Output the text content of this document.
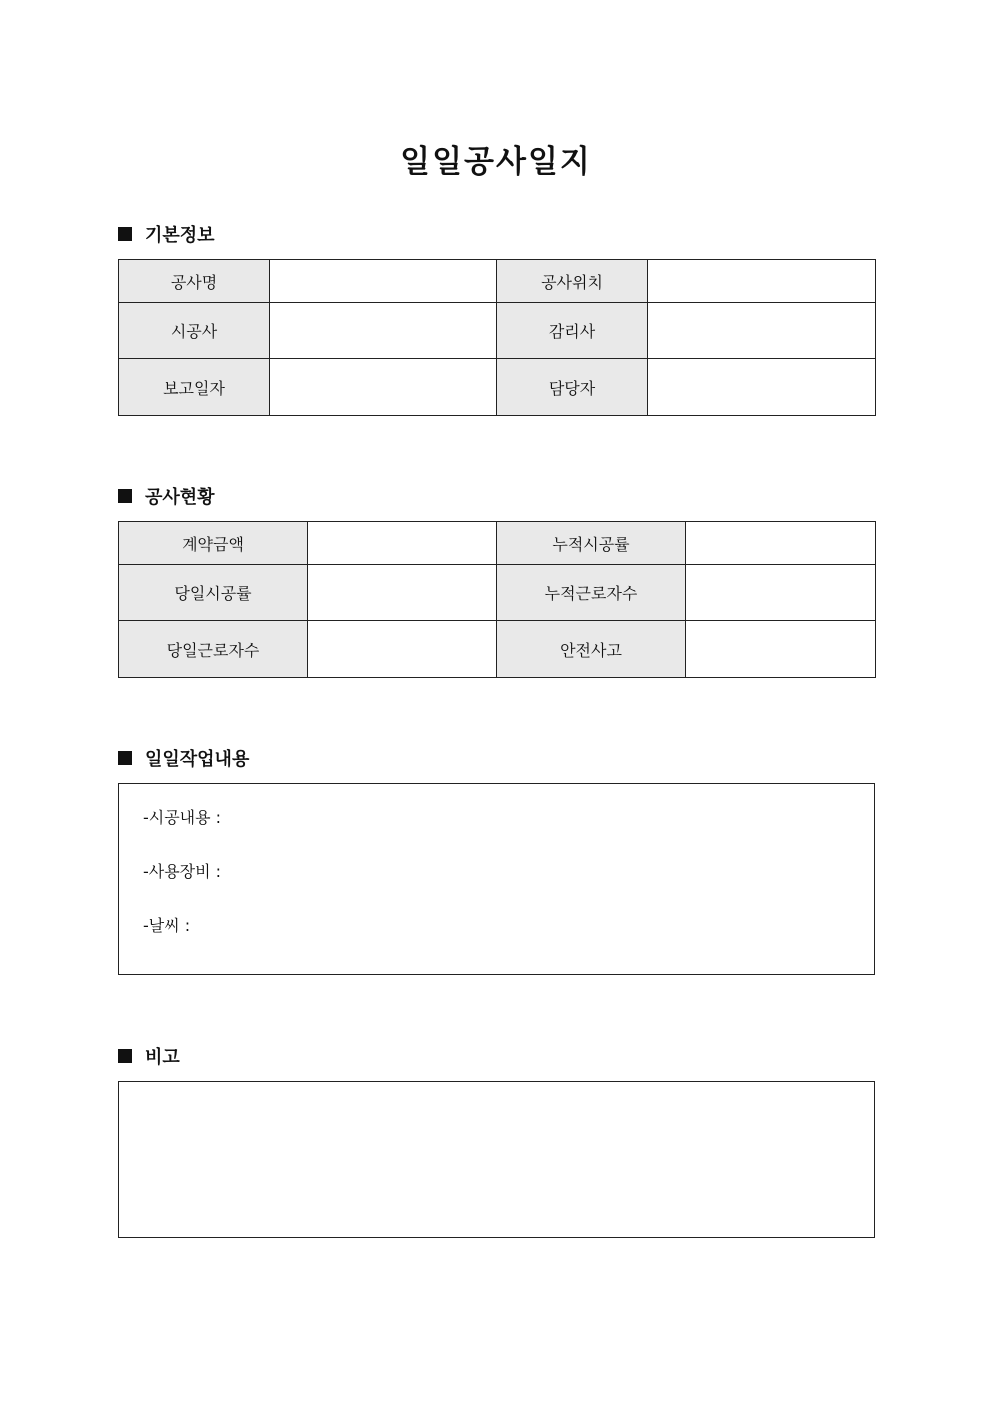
일일공사일지
기본정보
공사명		공사위치	
시공사		감리사	
보고일자		담당자	
공사현황
계약금액		누적시공률	
당일시공률		누적근로자수	
당일근로자수		안전사고	
일일작업내용

-시공내용 :

-사용장비 :

-날씨 :

비고
